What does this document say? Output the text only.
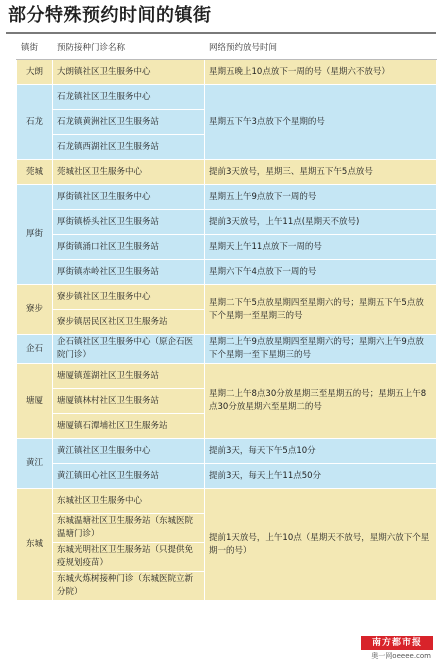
部分特殊预约时间的镇街
镇街	预防接种门诊名称	网络预约放号时间
大朗	大朗镇社区卫生服务中心	星期五晚上10点放下一周的号（星期六不放号）
石龙	石龙镇社区卫生服务中心	星期五下午3点放下个星期的号
	石龙镇黄洲社区卫生服务站	
	石龙镇西湖社区卫生服务站	
莞城	莞城社区卫生服务中心	提前3天放号，星期三、星期五下午5点放号
厚街	厚街镇社区卫生服务中心	星期五上午9点放下一周的号
	厚街镇桥头社区卫生服务站	提前3天放号，上午11点(星期天不放号)
	厚街镇涌口社区卫生服务站	星期天上午11点放下一周的号
	厚街镇赤岭社区卫生服务站	星期六下午4点放下一周的号
寮步	寮步镇社区卫生服务中心	星期二下午5点放星期四至星期六的号；星期五下午5点放下个星期一至星期三的号
	寮步镇居民区社区卫生服务站	
企石	企石镇社区卫生服务中心（原企石医院门诊）	星期二上午9点放星期四至星期六的号；星期六上午9点放下个星期一至下星期三的号
塘厦	塘厦镇莲湖社区卫生服务站	星期二上午8点30分放星期三至星期五的号；星期五上午8点30分放星期六至星期二的号
	塘厦镇林村社区卫生服务站	
	塘厦镇石潭埔社区卫生服务站	
黄江	黄江镇社区卫生服务中心	提前3天，每天下午5点10分
	黄江镇田心社区卫生服务站	提前3天，每天上午11点50分
东城	东城社区卫生服务中心	提前1天放号，上午10点（星期天不放号，星期六放下个星期一的号）
	东城温塘社区卫生服务站（东城医院温塘门诊）	
	东城光明社区卫生服务站（只提供免疫规划疫苗）	
	东城火炼树接种门诊（东城医院立新分院）	
南方都市报
奥一网oeeee.com
